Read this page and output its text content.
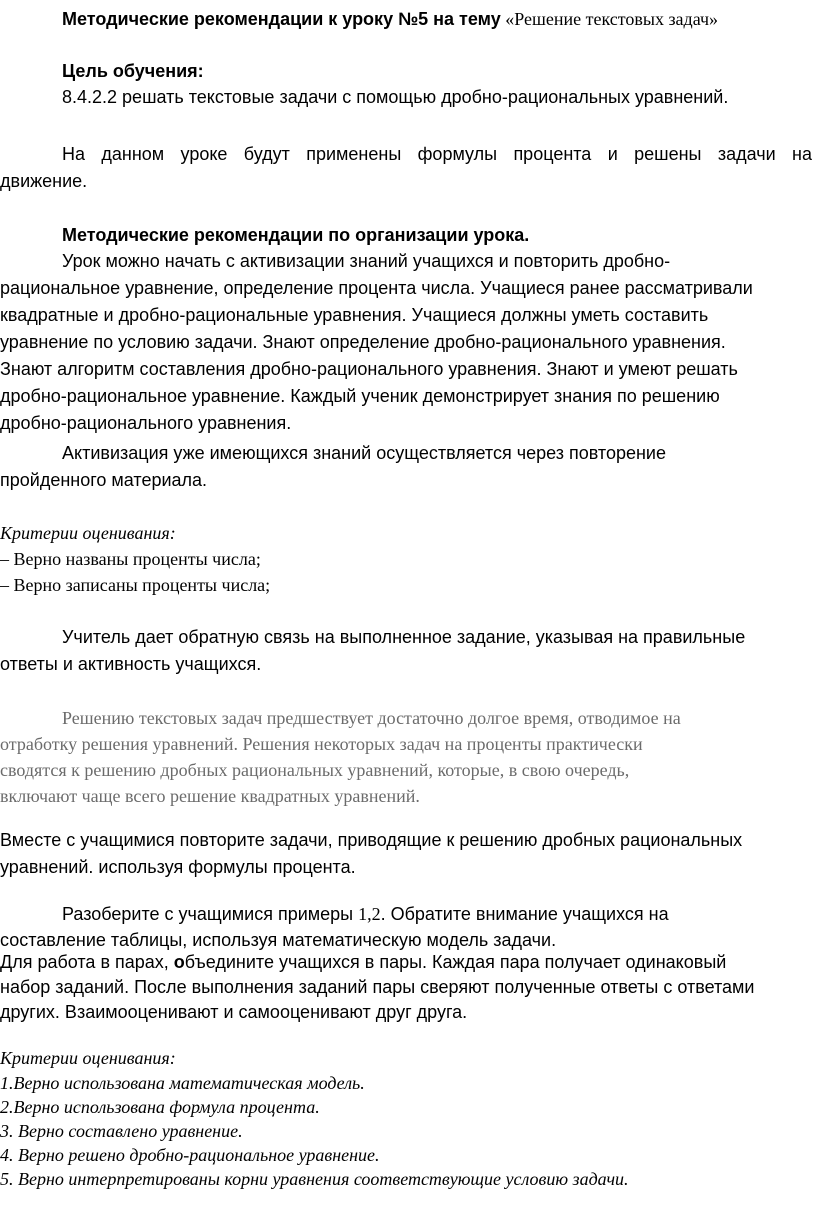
Методические рекомендации к уроку №5 на тему «Решение текстовых задач»
Цель обучения:
8.4.2.2 решать текстовые задачи с помощью дробно-рациональных уравнений.
На данном уроке будут применены формулы процента и решены задачи на
движение.
Методические рекомендации по организации урока.
Урок можно начать с активизации знаний учащихся и повторить дробно-
рациональное уравнение, определение процента числа. Учащиеся ранее рассматривали
квадратные и дробно-рациональные уравнения. Учащиеся должны уметь составить
уравнение по условию задачи. Знают определение дробно-рационального уравнения.
Знают алгоритм составления дробно-рационального уравнения. Знают и умеют решать
дробно-рациональное уравнение. Каждый ученик демонстрирует знания по решению
дробно-рационального уравнения.
Активизация уже имеющихся знаний осуществляется через повторение
пройденного материала.
Критерии оценивания:
– Верно названы проценты числа;
– Верно записаны проценты числа;
Учитель дает обратную связь на выполненное задание, указывая на правильные
ответы и активность учащихся.
Решению текстовых задач предшествует достаточно долгое время, отводимое на
отработку решения уравнений. Решения некоторых задач на проценты практически
сводятся к решению дробных рациональных уравнений, которые, в свою очередь,
включают чаще всего решение квадратных уравнений.
Вместе с учащимися повторите задачи, приводящие к решению дробных рациональных
уравнений. используя формулы процента.
Разоберите с учащимися примеры 1,2. Обратите внимание учащихся на
составление таблицы, используя математическую модель задачи.
Для работа в парах, объедините учащихся в пары. Каждая пара получает одинаковый
набор заданий. После выполнения заданий пары сверяют полученные ответы с ответами
других. Взаимооценивают и самооценивают друг друга.
Критерии оценивания:
1.Верно использована математическая модель.
2.Верно использована формула процента.
3. Верно составлено уравнение.
4. Верно решено дробно-рациональное уравнение.
5. Верно интерпретированы корни уравнения соответствующие условию задачи.
